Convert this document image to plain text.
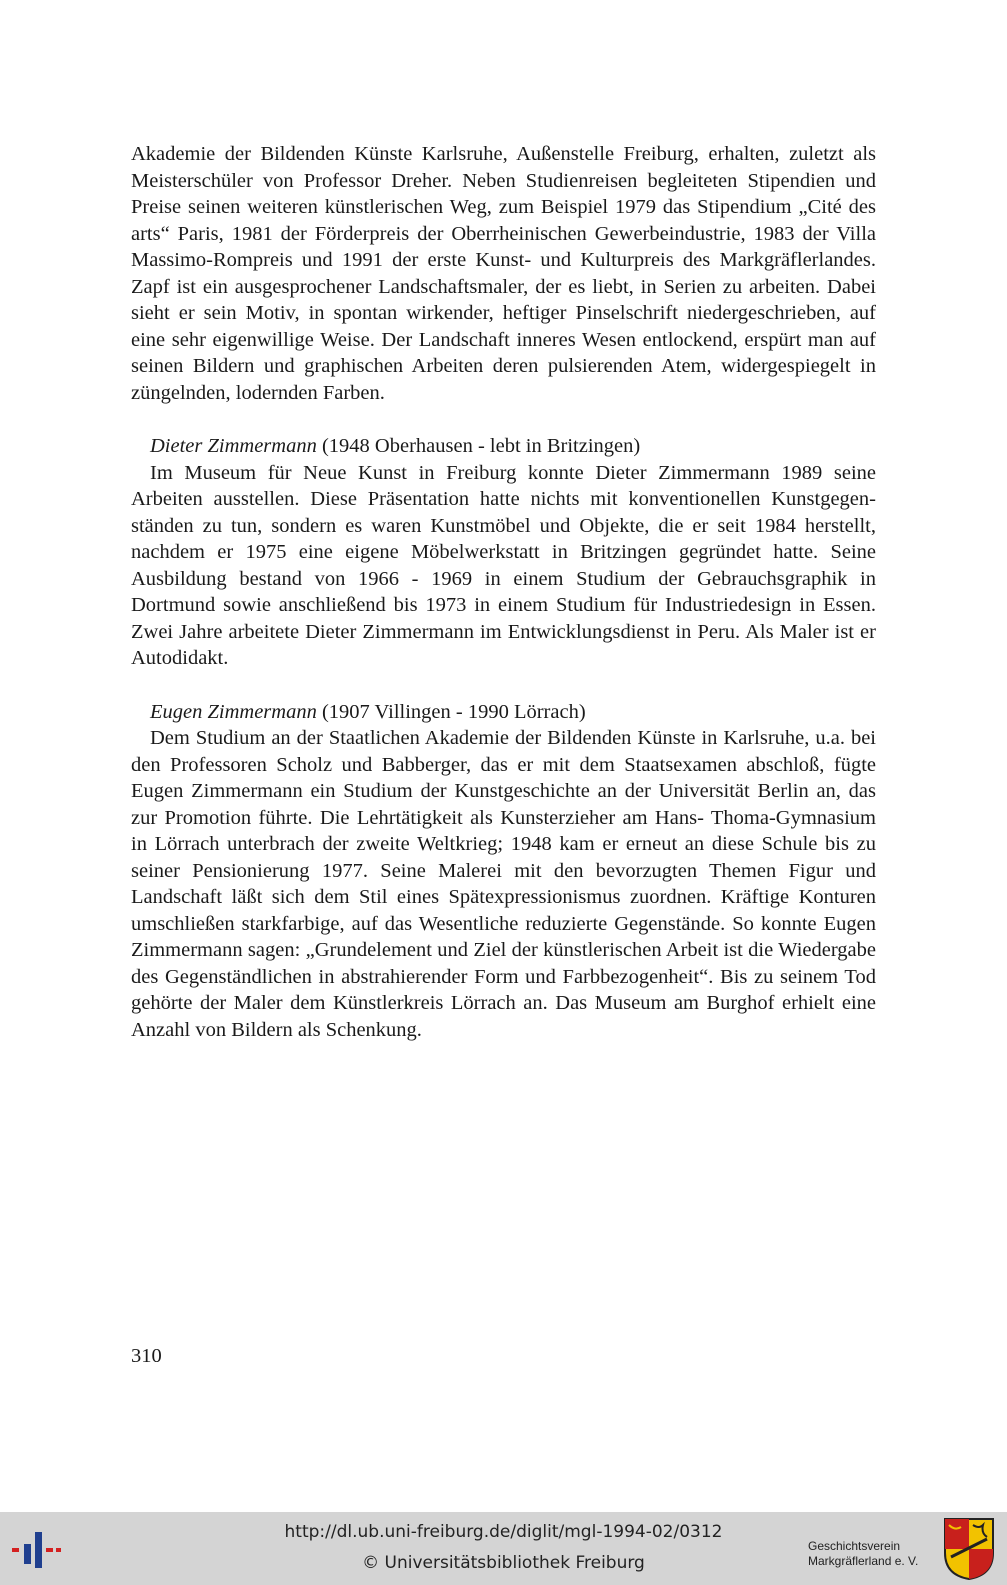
Akademie der Bildenden Künste Karlsruhe, Außenstelle Freiburg, erhalten, zuletzt als Meisterschüler von Professor Dreher. Neben Studienreisen begleiteten Stipendien und Preise seinen weiteren künstlerischen Weg, zum Beispiel 1979 das Stipendium „Cité des arts“ Paris, 1981 der Förderpreis der Oberrheinischen Gewerbeindustrie, 1983 der Villa Massimo-Rompreis und 1991 der erste Kunst- und Kulturpreis des Markgräflerlandes. Zapf ist ein ausgesprochener Landschaftsmaler, der es liebt, in Serien zu arbeiten. Dabei sieht er sein Motiv, in spontan wirkender, heftiger Pinselschrift niedergeschrieben, auf eine sehr eigenwillige Weise. Der Landschaft inneres Wesen entlockend, erspürt man auf seinen Bildern und graphischen Arbeiten deren pulsierenden Atem, widergespiegelt in züngelnden, lodernden Farben.

Dieter Zimmermann (1948 Oberhausen - lebt in Britzingen)

Im Museum für Neue Kunst in Freiburg konnte Dieter Zimmermann 1989 seine Arbeiten ausstellen. Diese Präsentation hatte nichts mit konventionellen Kunstgegenständen zu tun, sondern es waren Kunstmöbel und Objekte, die er seit 1984 herstellt, nachdem er 1975 eine eigene Möbelwerkstatt in Britzingen gegründet hatte. Seine Ausbildung bestand von 1966 - 1969 in einem Studium der Gebrauchsgraphik in Dortmund sowie anschließend bis 1973 in einem Studium für Industriedesign in Essen. Zwei Jahre arbeitete Dieter Zimmermann im Entwicklungsdienst in Peru. Als Maler ist er Autodidakt.

Eugen Zimmermann (1907 Villingen - 1990 Lörrach)

Dem Studium an der Staatlichen Akademie der Bildenden Künste in Karlsruhe, u.a. bei den Professoren Scholz und Babberger, das er mit dem Staatsexamen abschloß, fügte Eugen Zimmermann ein Studium der Kunstgeschichte an der Universität Berlin an, das zur Promotion führte. Die Lehrtätigkeit als Kunsterzieher am Hans- Thoma-Gymnasium in Lörrach unterbrach der zweite Weltkrieg; 1948 kam er erneut an diese Schule bis zu seiner Pensionierung 1977. Seine Malerei mit den bevorzugten Themen Figur und Landschaft läßt sich dem Stil eines Spätexpressionismus zuordnen. Kräftige Konturen umschließen starkfarbige, auf das Wesentliche reduzierte Gegenstände. So konnte Eugen Zimmermann sagen: „Grundelement und Ziel der künstlerischen Arbeit ist die Wiedergabe des Gegenständlichen in abstrahierender Form und Farbbezogenheit“. Bis zu seinem Tod gehörte der Maler dem Künstlerkreis Lörrach an. Das Museum am Burghof erhielt eine Anzahl von Bildern als Schenkung.

310
http://dl.ub.uni-freiburg.de/diglit/mgl-1994-02/0312
© Universitätsbibliothek Freiburg
Geschichtsverein
Markgräflerland e. V.
